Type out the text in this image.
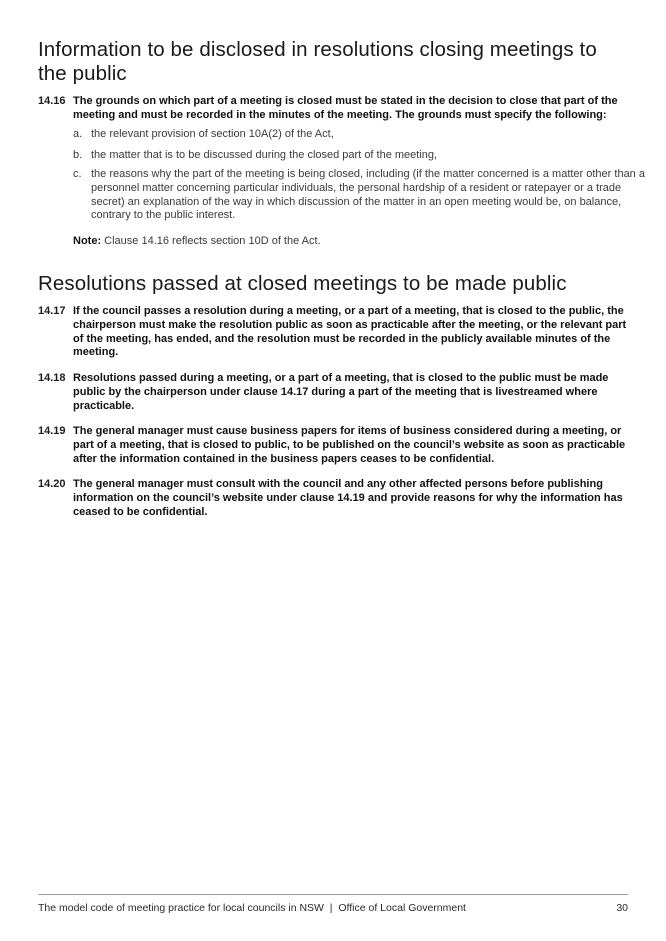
Information to be disclosed in resolutions closing meetings to the public
14.16 The grounds on which part of a meeting is closed must be stated in the decision to close that part of the meeting and must be recorded in the minutes of the meeting. The grounds must specify the following:
a. the relevant provision of section 10A(2) of the Act,
b. the matter that is to be discussed during the closed part of the meeting,
c. the reasons why the part of the meeting is being closed, including (if the matter concerned is a matter other than a personnel matter concerning particular individuals, the personal hardship of a resident or ratepayer or a trade secret) an explanation of the way in which discussion of the matter in an open meeting would be, on balance, contrary to the public interest.
Note: Clause 14.16 reflects section 10D of the Act.
Resolutions passed at closed meetings to be made public
14.17 If the council passes a resolution during a meeting, or a part of a meeting, that is closed to the public, the chairperson must make the resolution public as soon as practicable after the meeting, or the relevant part of the meeting, has ended, and the resolution must be recorded in the publicly available minutes of the meeting.
14.18 Resolutions passed during a meeting, or a part of a meeting, that is closed to the public must be made public by the chairperson under clause 14.17 during a part of the meeting that is livestreamed where practicable.
14.19 The general manager must cause business papers for items of business considered during a meeting, or part of a meeting, that is closed to public, to be published on the council’s website as soon as practicable after the information contained in the business papers ceases to be confidential.
14.20 The general manager must consult with the council and any other affected persons before publishing information on the council’s website under clause 14.19 and provide reasons for why the information has ceased to be confidential.
The model code of meeting practice for local councils in NSW  |  Office of Local Government	30
